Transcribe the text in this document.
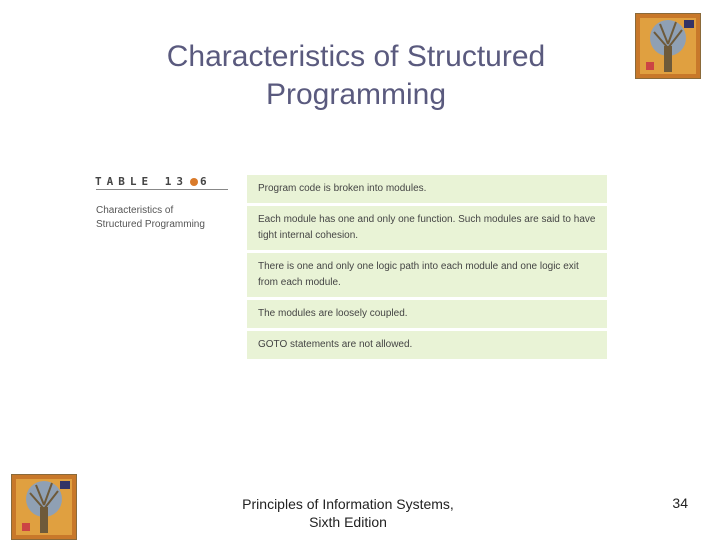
Characteristics of Structured
Programming
TABLE 13 6
Characteristics of Structured Programming
Program code is broken into modules.
Each module has one and only one function. Such modules are said to have tight internal cohesion.
There is one and only one logic path into each module and one logic exit from each module.
The modules are loosely coupled.
GOTO statements are not allowed.
Principles of Information Systems,
Sixth Edition
34
